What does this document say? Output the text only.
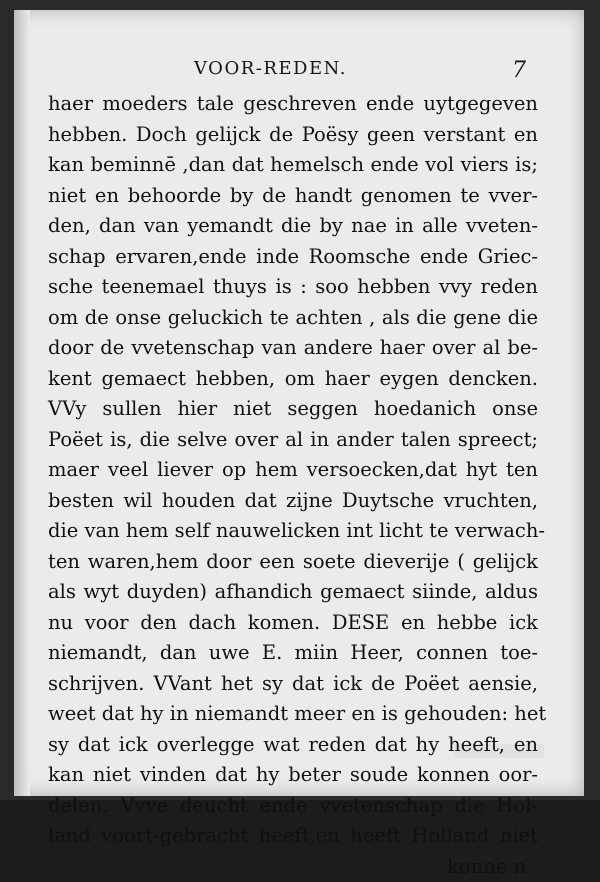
VOOR-REDEN.	7
haer moeders tale geschreven ende uytgegeven
hebben. Doch gelijck de Poësy geen verstant en
kan beminnē ,dan dat hemelsch ende vol viers is;
niet en behoorde by de handt genomen te vver-
den, dan van yemandt die by nae in alle vveten-
schap ervaren,ende inde Roomsche ende Griec-
sche teenemael thuys is : soo hebben vvy reden
om de onse geluckich te achten , als die gene die
door de vvetenschap van andere haer over al be-
kent gemaect hebben, om haer eygen dencken.
VVy sullen hier niet seggen hoedanich onse
Poëet is, die selve over al in ander talen spreect;
maer veel liever op hem versoecken,dat hyt ten
besten wil houden dat zijne Duytsche vruchten,
die van hem self nauwelicken int licht te verwach-
ten waren,hem door een soete dieverije ( gelijck
als wyt duyden) afhandich gemaect siinde, aldus
nu voor den dach komen. DESE en hebbe ick
niemandt, dan uwe E. miin Heer, connen toe-
schrijven. VVant het sy dat ick de Poëet aensie,
weet dat hy in niemandt meer en is gehouden: het
sy dat ick overlegge wat reden dat hy heeft, en
kan niet vinden dat hy beter soude konnen oor-
delen. Vvve deucht ende vvetenschap die Hol-
land voort-gebracht heeft,en heeft Holland niet
konne n
